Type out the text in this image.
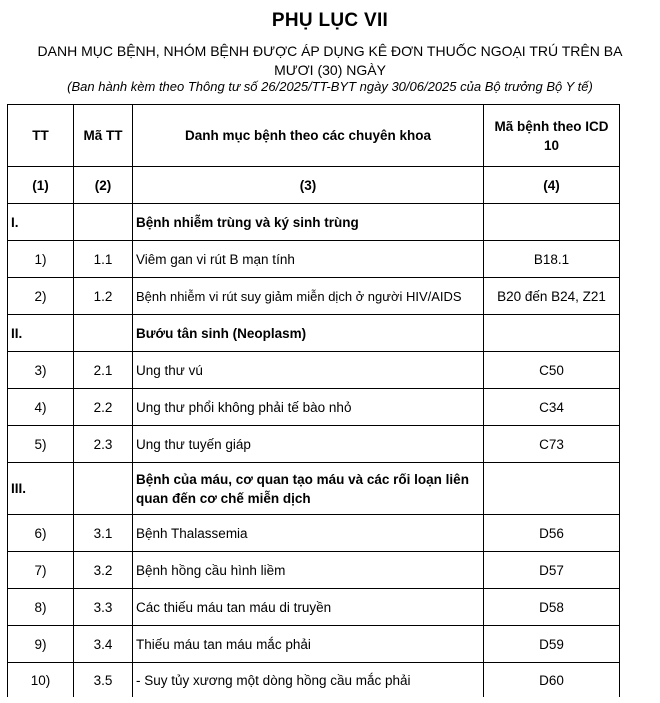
PHỤ LỤC VII
DANH MỤC BỆNH, NHÓM BỆNH ĐƯỢC ÁP DỤNG KÊ ĐƠN THUỐC NGOẠI TRÚ TRÊN BA MƯƠI (30) NGÀY
(Ban hành kèm theo Thông tư số 26/2025/TT-BYT ngày 30/06/2025 của Bộ trưởng Bộ Y tế)
TT	Mã TT	Danh mục bệnh theo các chuyên khoa	Mã bệnh theo ICD 10
(1)	(2)	(3)	(4)
I.		Bệnh nhiễm trùng và ký sinh trùng	
1)	1.1	Viêm gan vi rút B mạn tính	B18.1
2)	1.2	Bệnh nhiễm vi rút suy giảm miễn dịch ở người HIV/AIDS	B20 đến B24, Z21
II.		Bướu tân sinh (Neoplasm)	
3)	2.1	Ung thư vú	C50
4)	2.2	Ung thư phổi không phải tế bào nhỏ	C34
5)	2.3	Ung thư tuyến giáp	C73
III.		Bệnh của máu, cơ quan tạo máu và các rối loạn liên quan đến cơ chế miễn dịch	
6)	3.1	Bệnh Thalassemia	D56
7)	3.2	Bệnh hồng cầu hình liềm	D57
8)	3.3	Các thiếu máu tan máu di truyền	D58
9)	3.4	Thiếu máu tan máu mắc phải	D59
10)	3.5	- Suy tủy xương một dòng hồng cầu mắc phải	D60
